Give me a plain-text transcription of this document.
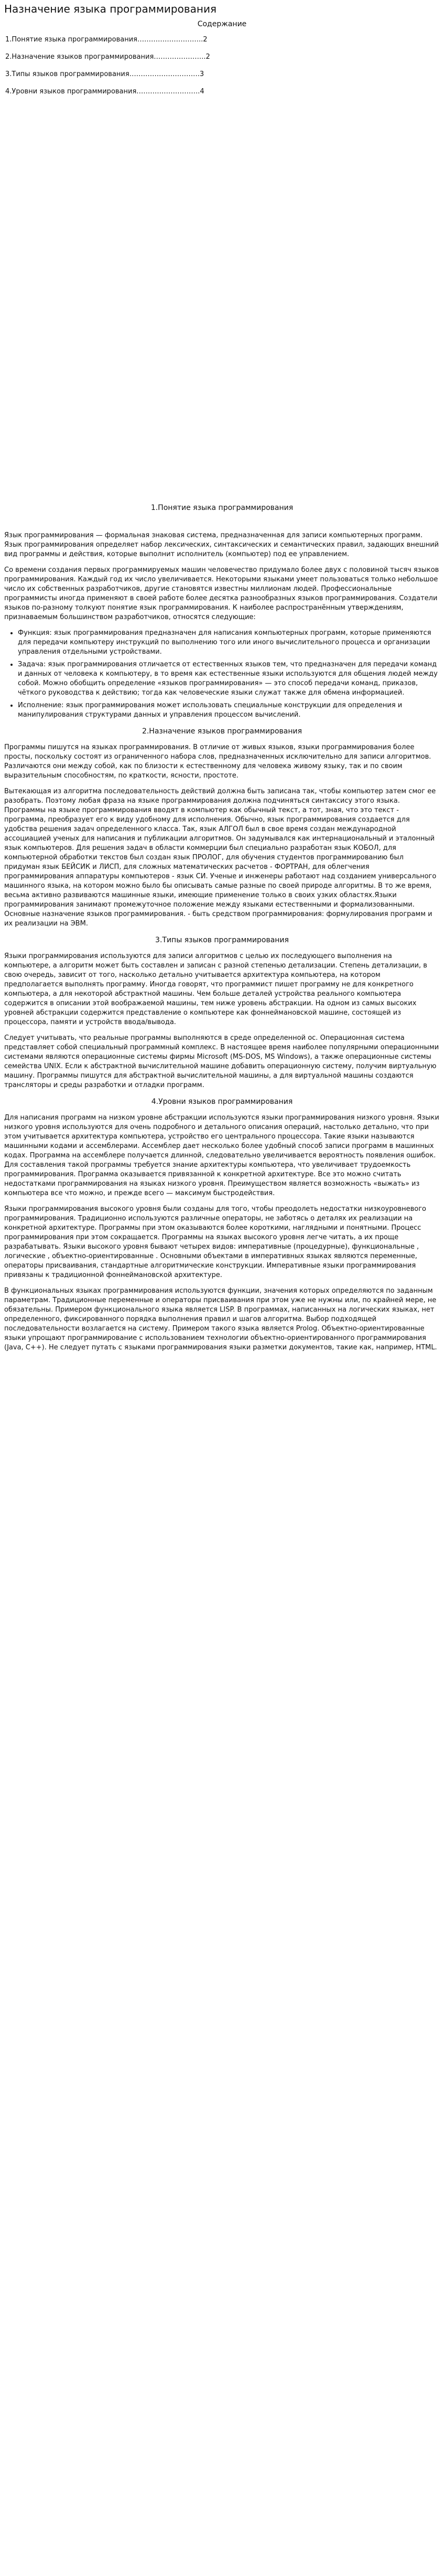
Назначение языка программирования
Содержание
1.Понятие языка программирования………………………..2
2.Назначение языков программирования…………………..2
3.Типы языков программирования………………………….3
4.Уровни языков программирования……………………….4
1.Понятие языка программирования

Язык программирования — формальная знаковая система, предназначенная для записи компьютерных программ. Язык программирования определяет набор лексических, синтаксических и семантических правил, задающих внешний вид программы и действия, которые выполнит исполнитель (компьютер) под ее управлением.

Со времени создания первых программируемых машин человечество придумало более двух с половиной тысяч языков программирования. Каждый год их число увеличивается. Некоторыми языками умеет пользоваться только небольшое число их собственных разработчиков, другие становятся известны миллионам людей. Профессиональные программисты иногда применяют в своей работе более десятка разнообразных языков программирования. Создатели языков по-разному толкуют понятие язык программирования. К наиболее распространённым утверждениям, признаваемым большинством разработчиков, относятся следующие:

• Функция: язык программирования предназначен для написания компьютерных программ, которые применяются для передачи компьютеру инструкций по выполнению того или иного вычислительного процесса и организации управления отдельными устройствами.
• Задача: язык программирования отличается от естественных языков тем, что предназначен для передачи команд и данных от человека к компьютеру, в то время как естественные языки используются для общения людей между собой. Можно обобщить определение «языков программирования» — это способ передачи команд, приказов, чёткого руководства к действию; тогда как человеческие языки служат также для обмена информацией.
• Исполнение: язык программирования может использовать специальные конструкции для определения и манипулирования структурами данных и управления процессом вычислений.
2.Назначение языков программирования

Программы пишутся на языках программирования. В отличие от живых языков, языки программирования более просты, поскольку состоят из ограниченного набора слов, предназначенных исключительно для записи алгоритмов. Различаются они между собой, как по близости к естественному для человека живому языку, так и по своим выразительным способностям, по краткости, ясности, простоте.

Вытекающая из алгоритма последовательность действий должна быть записана так, чтобы компьютер затем смог ее разобрать. Поэтому любая фраза на языке программирования должна подчиняться синтаксису этого языка. Программы на языке программирования вводят в компьютер как обычный текст, а тот, зная, что это текст - программа, преобразует его к виду удобному для исполнения. Обычно, язык программирования создается для удобства решения задач определенного класса. Так, язык АЛГОЛ был в свое время создан международной ассоциацией ученых для написания и публикации алгоритмов. Он задумывался как интернациональный и эталонный язык компьютеров. Для решения задач в области коммерции был специально разработан язык КОБОЛ, для компьютерной обработки текстов был создан язык ПРОЛОГ, для обучения студентов программированию был придуман язык БЕЙСИК и ЛИСП, для сложных математических расчетов - ФОРТРАН, для облегчения программирования аппаратуры компьютеров - язык СИ. Ученые и инженеры работают над созданием универсального машинного языка, на котором можно было бы описывать самые разные по своей природе алгоритмы. В то же время, весьма активно развиваются машинные языки, имеющие применение только в своих узких областях.Языки программирования занимают промежуточное положение между языками естественными и формализованными. Основные назначение языков программирования. - быть средством программирования: формулирования программ и их реализации на ЭВМ.

3.Типы языков программирования

Языки программирования используются для записи алгоритмов с целью их последующего выполнения на компьютере, а алгоритм может быть составлен и записан с разной степенью детализации. Степень детализации, в свою очередь, зависит от того, насколько детально учитывается архитектура компьютера, на котором предполагается выполнять программу. Иногда говорят, что программист пишет программу не для конкретного компьютера, а для некоторой абстрактной машины. Чем больше деталей устройства реального компьютера содержится в описании этой воображаемой машины, тем ниже уровень абстракции. На одном из самых высоких уровней абстракции содержится представление о компьютере как фоннеймановской машине, состоящей из процессора, памяти и устройств ввода/вывода.

Следует учитывать, что реальные программы выполняются в среде определенной ос. Операционная система представляет собой специальный программный комплекс. В настоящее время наиболее популярными операционными системами являются операционные системы фирмы Microsoft (MS-DOS, MS Windows), а также операционные системы семейства UNIX. Если к абстрактной вычислительной машине добавить операционную систему, получим виртуальную машину. Программы пишутся для абстрактной вычислительной машины, а для виртуальной машины создаются трансляторы и среды разработки и отладки программ.

4.Уровни языков программирования

Для написания программ на низком уровне абстракции используются языки программирования низкого уровня. Языки низкого уровня используются для очень подробного и детального описания операций, настолько детально, что при этом учитывается архитектура компьютера, устройство его центрального процессора. Такие языки называются машинными кодами и ассемблерами. Ассемблер дает несколько более удобный способ записи программ в машинных кодах. Программа на ассемблере получается длинной, следовательно увеличивается вероятность появления ошибок. Для составления такой программы требуется знание архитектуры компьютера, что увеличивает трудоемкость программирования. Программа оказывается привязанной к конкретной архитектуре. Все это можно считать недостатками программирования на языках низкого уровня. Преимуществом является возможность «выжать» из компьютера все что можно, и прежде всего — максимум быстродействия.

Языки программирования высокого уровня были созданы для того, чтобы преодолеть недостатки низкоуровневого программирования. Традиционно используются различные операторы, не заботясь о деталях их реализации на конкретной архитектуре. Программы при этом оказываются более короткими, наглядными и понятными. Процесс программирования при этом сокращается. Программы на языках высокого уровня легче читать, а их проще разрабатывать. Языки высокого уровня бывают четырех видов: императивные (процедурные), функциональные , логические , объектно-ориентированные . Основными объектами в императивных языках являются переменные, операторы присваивания, стандартные алгоритмические конструкции. Императивные языки программирования привязаны к традиционной фоннеймановской архитектуре.

В функциональных языках программирования используются функции, значения которых определяются по заданным параметрам. Традиционные переменные и операторы присваивания при этом уже не нужны или, по крайней мере, не обязательны. Примером функционального языка является LISP. В программах, написанных на логических языках, нет определенного, фиксированного порядка выполнения правил и шагов алгоритма. Выбор подходящей последовательности возлагается на систему. Примером такого языка является Prolog. Объектно-ориентированные языки упрощают программирование с использованием технологии объектно-ориентированного программирования (Java, С++). Не следует путать с языками программирования языки разметки документов, такие как, например, HTML.
